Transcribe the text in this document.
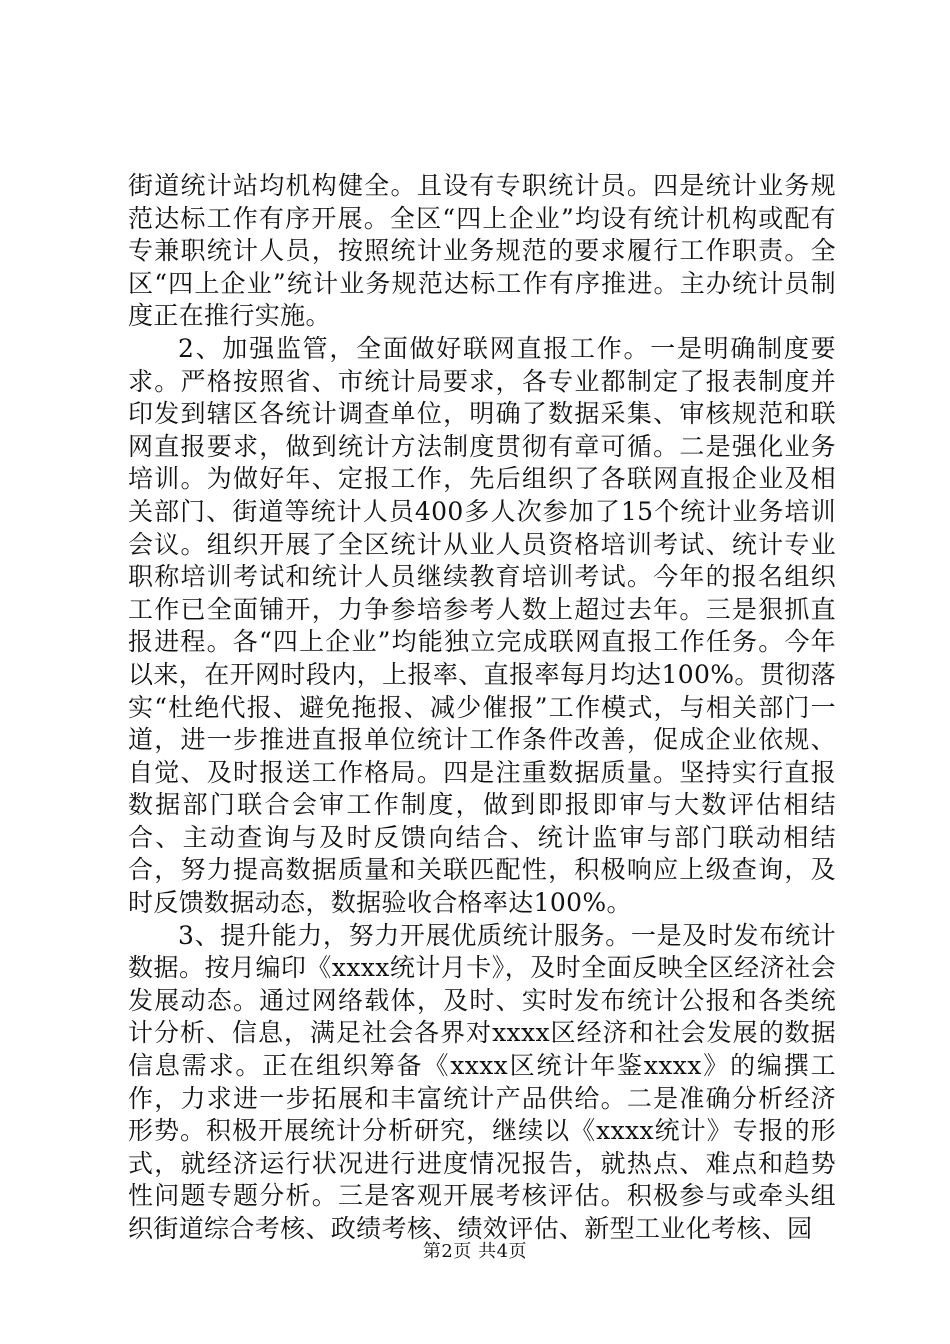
街道统计站均机构健全。且设有专职统计员。四是统计业务规范达标工作有序开展。全区“四上企业”均设有统计机构或配有专兼职统计人员，按照统计业务规范的要求履行工作职责。全区“四上企业”统计业务规范达标工作有序推进。主办统计员制度正在推行实施。

2、加强监管，全面做好联网直报工作。一是明确制度要求。严格按照省、市统计局要求，各专业都制定了报表制度并印发到辖区各统计调查单位，明确了数据采集、审核规范和联网直报要求，做到统计方法制度贯彻有章可循。二是强化业务培训。为做好年、定报工作，先后组织了各联网直报企业及相关部门、街道等统计人员400多人次参加了15个统计业务培训会议。组织开展了全区统计从业人员资格培训考试、统计专业职称培训考试和统计人员继续教育培训考试。今年的报名组织工作已全面铺开，力争参培参考人数上超过去年。三是狠抓直报进程。各“四上企业”均能独立完成联网直报工作任务。今年以来，在开网时段内，上报率、直报率每月均达100%。贯彻落实“杜绝代报、避免拖报、减少催报”工作模式，与相关部门一道，进一步推进直报单位统计工作条件改善，促成企业依规、自觉、及时报送工作格局。四是注重数据质量。坚持实行直报数据部门联合会审工作制度，做到即报即审与大数评估相结合、主动查询与及时反馈向结合、统计监审与部门联动相结合，努力提高数据质量和关联匹配性，积极响应上级查询，及时反馈数据动态，数据验收合格率达100%。

3、提升能力，努力开展优质统计服务。一是及时发布统计数据。按月编印《xxxx统计月卡》，及时全面反映全区经济社会发展动态。通过网络载体，及时、实时发布统计公报和各类统计分析、信息，满足社会各界对xxxx区经济和社会发展的数据信息需求。正在组织筹备《xxxx区统计年鉴xxxx》的编撰工作，力求进一步拓展和丰富统计产品供给。二是准确分析经济形势。积极开展统计分析研究，继续以《xxxx统计》专报的形式，就经济运行状况进行进度情况报告，就热点、难点和趋势性问题专题分析。三是客观开展考核评估。积极参与或牵头组织街道综合考核、政绩考核、绩效评估、新型工业化考核、园

第2页 共4页
